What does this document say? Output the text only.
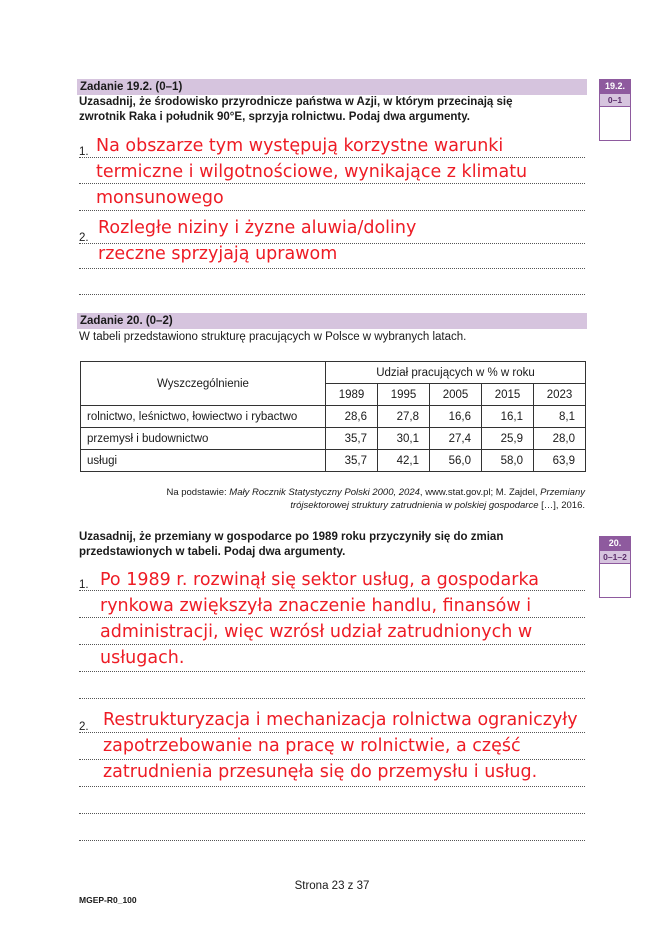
Zadanie 19.2. (0–1)
Uzasadnij, że środowisko przyrodnicze państwa w Azji, w którym przecinają się
zwrotnik Raka i południk 90°E, sprzyja rolnictwu. Podaj dwa argumenty.
19.2.
0–1
1.
2.
Na obszarze tym występują korzystne warunki
termiczne i wilgotnościowe, wynikające z klimatu
monsunowego
Rozległe niziny i żyzne aluwia/doliny
rzeczne sprzyjają uprawom
Zadanie 20. (0–2)
W tabeli przedstawiono strukturę pracujących w Polsce w wybranych latach.
Wyszczególnienie	Udział pracujących w % w roku				
	1989	1995	2005	2015	2023
rolnictwo, leśnictwo, łowiectwo i rybactwo	28,6	27,8	16,6	16,1	8,1
przemysł i budownictwo	35,7	30,1	27,4	25,9	28,0
usługi	35,7	42,1	56,0	58,0	63,9
Na podstawie: Mały Rocznik Statystyczny Polski 2000, 2024, www.stat.gov.pl; M. Zajdel, Przemiany
trójsektorowej struktury zatrudnienia w polskiej gospodarce […], 2016.
Uzasadnij, że przemiany w gospodarce po 1989 roku przyczyniły się do zmian
przedstawionych w tabeli. Podaj dwa argumenty.
20.
0–1–2
1.
2.
Po 1989 r. rozwinął się sektor usług, a gospodarka
rynkowa zwiększyła znaczenie handlu, finansów i
administracji, więc wzrósł udział zatrudnionych w
usługach.
Restrukturyzacja i mechanizacja rolnictwa ograniczyły
zapotrzebowanie na pracę w rolnictwie, a część
zatrudnienia przesunęła się do przemysłu i usług.
Strona 23 z 37
MGEP-R0_100
